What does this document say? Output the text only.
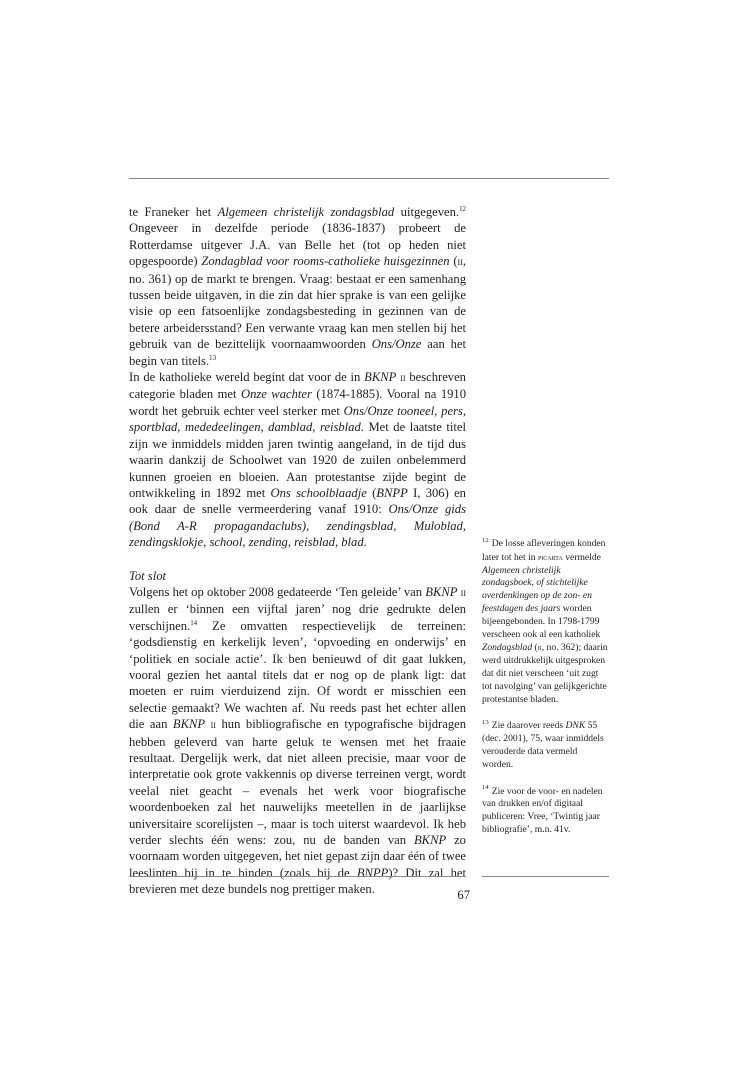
te Franeker het Algemeen christelijk zondagsblad uitgegeven.$^{12}$ Ongeveer in dezelfde periode (1836-1837) probeert de Rotterdamse uitgever J.A. van Belle het (tot op heden niet opgespoorde) Zondagblad voor rooms-catholieke huisgezinnen (ii, no. 361) op de markt te brengen. Vraag: bestaat er een samenhang tussen beide uitgaven, in die zin dat hier sprake is van een gelijke visie op een fatsoenlijke zondagsbesteding in gezinnen van de betere arbeidersstand? Een verwante vraag kan men stellen bij het gebruik van de bezittelijk voornaamwoorden Ons/Onze aan het begin van titels.$^{13}$

In de katholieke wereld begint dat voor de in BKNP ii beschreven categorie bladen met Onze wachter (1874-1885). Vooral na 1910 wordt het gebruik echter veel sterker met Ons/Onze tooneel, pers, sportblad, mededeelingen, damblad, reisblad. Met de laatste titel zijn we inmiddels midden jaren twintig aangeland, in de tijd dus waarin dankzij de Schoolwet van 1920 de zuilen onbelemmerd kunnen groeien en bloeien. Aan protestantse zijde begint de ontwikkeling in 1892 met Ons schoolblaadje (BNPP I, 306) en ook daar de snelle vermeerdering vanaf 1910: Ons/Onze gids (Bond A-R propagandaclubs), zendingsblad, Muloblad, zendingsklokje, school, zending, reisblad, blad.

Tot slot

Volgens het op oktober 2008 gedateerde ‘Ten geleide’ van BKNP ii zullen er ‘binnen een vijftal jaren’ nog drie gedrukte delen verschijnen.$^{14}$ Ze omvatten respectievelijk de terreinen: ‘godsdienstig en kerkelijk leven’, ‘opvoeding en onderwijs’ en ‘politiek en sociale actie’. Ik ben benieuwd of dit gaat lukken, vooral gezien het aantal titels dat er nog op de plank ligt: dat moeten er ruim vierduizend zijn. Of wordt er misschien een selectie gemaakt? We wachten af. Nu reeds past het echter allen die aan BKNP ii hun bibliografische en typografische bijdragen hebben geleverd van harte geluk te wensen met het fraaie resultaat. Dergelijk werk, dat niet alleen precisie, maar voor de interpretatie ook grote vakkennis op diverse terreinen vergt, wordt veelal niet geacht – evenals het werk voor biografische woordenboeken zal het nauwelijks meetellen in de jaarlijkse universitaire scorelijsten –, maar is toch uiterst waardevol. Ik heb verder slechts één wens: zou, nu de banden van BKNP zo voornaam worden uitgegeven, het niet gepast zijn daar één of twee leeslinten bij in te binden (zoals bij de BNPP)? Dit zal het brevieren met deze bundels nog prettiger maken.

$^{12}$ De losse afleveringen konden later tot het in picarta vermelde Algemeen christelijk zondagsboek, of stichtelijke overdenkingen op de zon- en feestdagen des jaars worden bijeengebonden. In 1798-1799 verscheen ook al een katholiek Zondagsblad (ii, no. 362); daarin werd uitdrukkelijk uitgesproken dat dit niet verscheen ‘uit zugt tot navolging’ van gelijkgerichte protestantse bladen.

$^{13}$ Zie daarover reeds DNK 55 (dec. 2001), 75, waar inmiddels verouderde data vermeld worden.

$^{14}$ Zie voor de voor- en nadelen van drukken en/of digitaal publiceren: Vree, ‘Twintig jaar bibliografie’, m.n. 41v.

67
